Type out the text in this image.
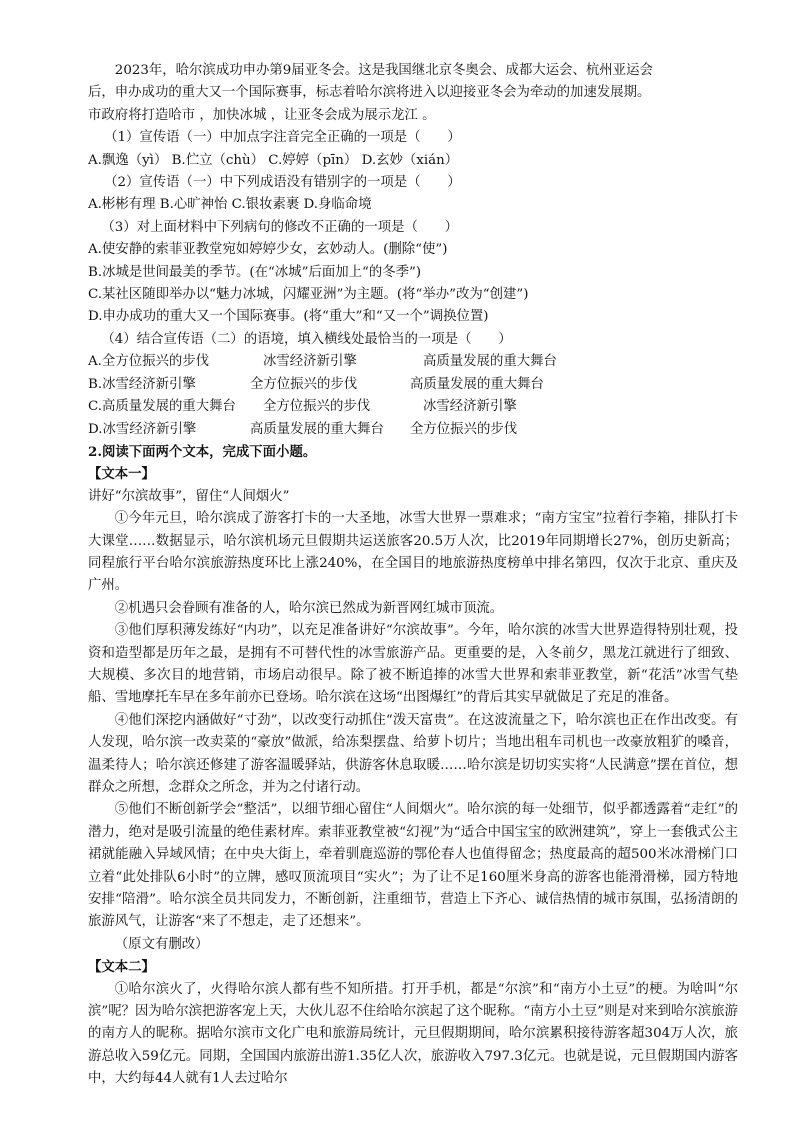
2023年，哈尔滨成功申办第9届亚冬会。这是我国继北京冬奥会、成都大运会、杭州亚运会

后，申办成功的重大又一个国际赛事，标志着哈尔滨将进入以迎接亚冬会为牵动的加速发展期。

市政府将打造哈市 ，加快冰城 ，让亚冬会成为展示龙江 。

（1）宣传语（一）中加点字注音完全正确的一项是（　　）

A.飘逸（yì） B.伫立（chù） C.婷婷（pīn） D.玄妙（xián）

（2）宣传语（一）中下列成语没有错别字的一项是（　　）

A.彬彬有理 B.心旷神怡 C.银妆素裹 D.身临命境

（3）对上面材料中下列病句的修改不正确的一项是（　　）

A.使安静的索菲亚教堂宛如婷婷少女，玄妙动人。(删除“使”)

B.冰城是世间最美的季节。(在“冰城”后面加上“的冬季”)

C.某社区随即举办以“魅力冰城，闪耀亚洲”为主题。(将“举办”改为“创建”)

D.申办成功的重大又一个国际赛事。(将“重大”和“又一个”调换位置)

（4）结合宣传语（二）的语境，填入横线处最恰当的一项是（　　）

A.全方位振兴的步伐	冰雪经济新引擎	高质量发展的重大舞台

B.冰雪经济新引擎	全方位振兴的步伐	高质量发展的重大舞台

C.高质量发展的重大舞台 全方位振兴的步伐	冰雪经济新引擎

D.冰雪经济新引擎	高质量发展的重大舞台 全方位振兴的步伐

2.阅读下面两个文本，完成下面小题。

【文本一】

讲好“尔滨故事”，留住“人间烟火”

①今年元旦，哈尔滨成了游客打卡的一大圣地，冰雪大世界一票难求；“南方宝宝”拉着行李箱，排队打卡大课堂……数据显示，哈尔滨机场元旦假期共运送旅客20.5万人次，比2019年同期增长27%，创历史新高；同程旅行平台哈尔滨旅游热度环比上涨240%，在全国目的地旅游热度榜单中排名第四，仅次于北京、重庆及广州。

②机遇只会眷顾有准备的人，哈尔滨已然成为新晋网红城市顶流。

③他们厚积薄发练好“内功”，以充足准备讲好“尔滨故事”。今年，哈尔滨的冰雪大世界造得特别壮观，投资和造型都是历年之最，是拥有不可替代性的冰雪旅游产品。更重要的是，入冬前夕，黑龙江就进行了细致、大规模、多次目的地营销，市场启动很早。除了被不断追捧的冰雪大世界和索菲亚教堂，新“花活”冰雪气垫船、雪地摩托车早在多年前亦已登场。哈尔滨在这场“出图爆红”的背后其实早就做足了充足的准备。

④他们深挖内涵做好“寸劲”，以改变行动抓住“泼天富贵”。在这波流量之下，哈尔滨也正在作出改变。有人发现，哈尔滨一改卖菜的“豪放”做派，给冻梨摆盘、给萝卜切片；当地出租车司机也一改豪放粗犷的嗓音，温柔待人；哈尔滨还修建了游客温暖驿站，供游客休息取暖……哈尔滨是切切实实将“人民满意”摆在首位，想群众之所想，念群众之所念，并为之付诸行动。

⑤他们不断创新学会“整活”，以细节细心留住“人间烟火”。哈尔滨的每一处细节，似乎都透露着“走红”的潜力，绝对是吸引流量的绝佳素材库。索菲亚教堂被“幻视”为“适合中国宝宝的欧洲建筑”，穿上一套俄式公主裙就能融入异域风情；在中央大街上，牵着驯鹿巡游的鄂伦春人也值得留念；热度最高的超500米冰滑梯门口立着“此处排队6小时”的立牌，感叹顶流项目“实火”；为了让不足160厘米身高的游客也能滑滑梯，园方特地安排“陪滑”。哈尔滨全员共同发力，不断创新，注重细节，营造上下齐心、诚信热情的城市氛围，弘扬清朗的旅游风气，让游客“来了不想走，走了还想来”。

（原文有删改）

【文本二】

①哈尔滨火了，火得哈尔滨人都有些不知所措。打开手机，都是“尔滨”和“南方小土豆”的梗。为啥叫“尔滨”呢？因为哈尔滨把游客宠上天，大伙儿忍不住给哈尔滨起了这个昵称。“南方小土豆”则是对来到哈尔滨旅游的南方人的昵称。据哈尔滨市文化广电和旅游局统计，元旦假期期间，哈尔滨累积接待游客超304万人次，旅游总收入59亿元。同期，全国国内旅游出游1.35亿人次，旅游收入797.3亿元。也就是说，元旦假期国内游客中，大约每44人就有1人去过哈尔
